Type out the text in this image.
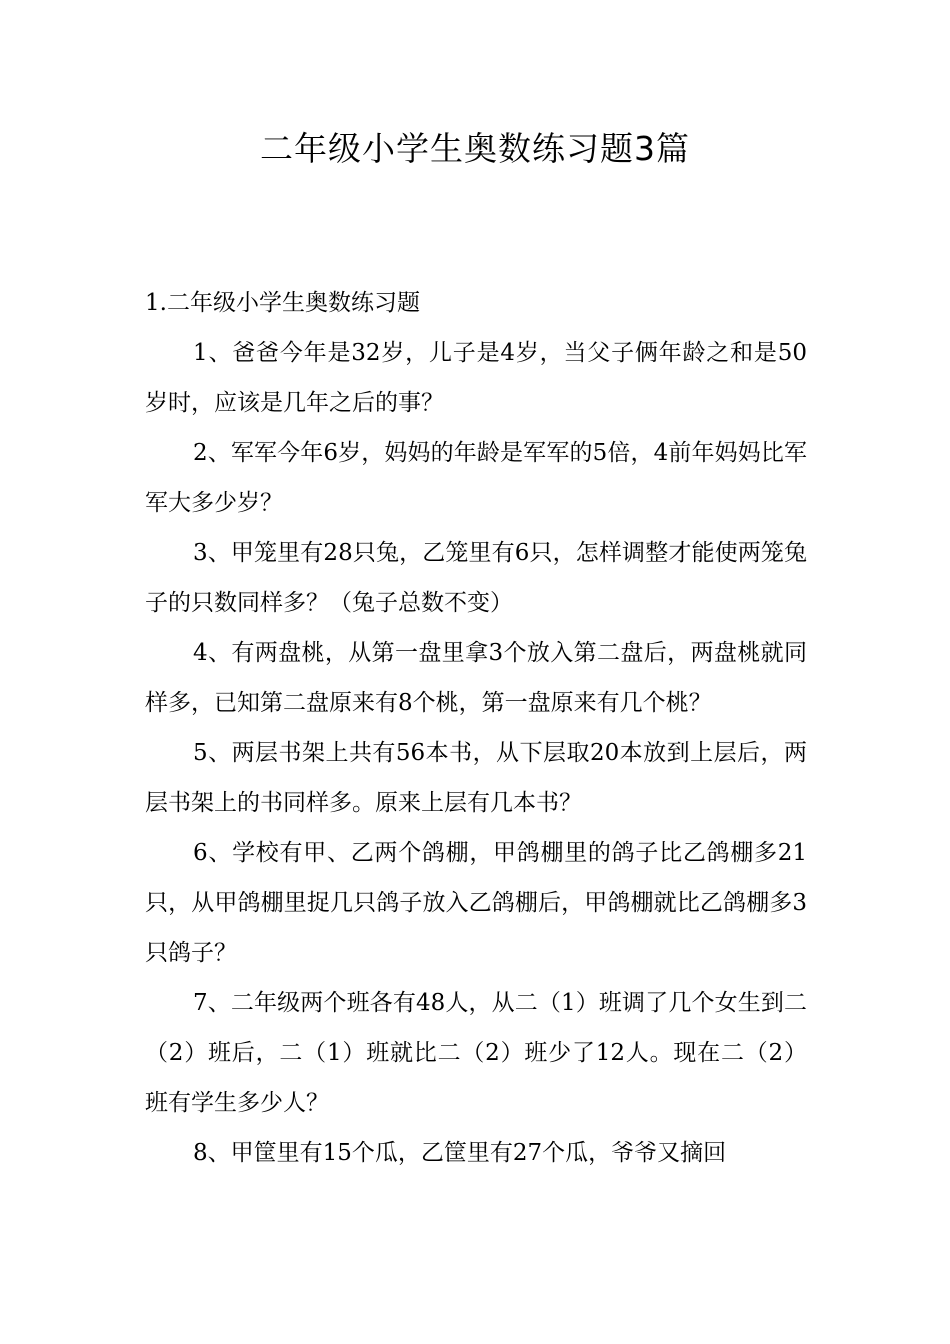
二年级小学生奥数练习题3篇

1.二年级小学生奥数练习题

1、爸爸今年是32岁，儿子是4岁，当父子俩年龄之和是50岁时，应该是几年之后的事？

2、军军今年6岁，妈妈的年龄是军军的5倍，4前年妈妈比军军大多少岁？

3、甲笼里有28只兔，乙笼里有6只，怎样调整才能使两笼兔子的只数同样多？（兔子总数不变）

4、有两盘桃，从第一盘里拿3个放入第二盘后，两盘桃就同样多，已知第二盘原来有8个桃，第一盘原来有几个桃？

5、两层书架上共有56本书，从下层取20本放到上层后，两层书架上的书同样多。原来上层有几本书？

6、学校有甲、乙两个鸽棚，甲鸽棚里的鸽子比乙鸽棚多21只，从甲鸽棚里捉几只鸽子放入乙鸽棚后，甲鸽棚就比乙鸽棚多3只鸽子？

7、二年级两个班各有48人，从二（1）班调了几个女生到二（2）班后，二（1）班就比二（2）班少了12人。现在二（2）班有学生多少人？

8、甲筐里有15个瓜，乙筐里有27个瓜，爷爷又摘回
